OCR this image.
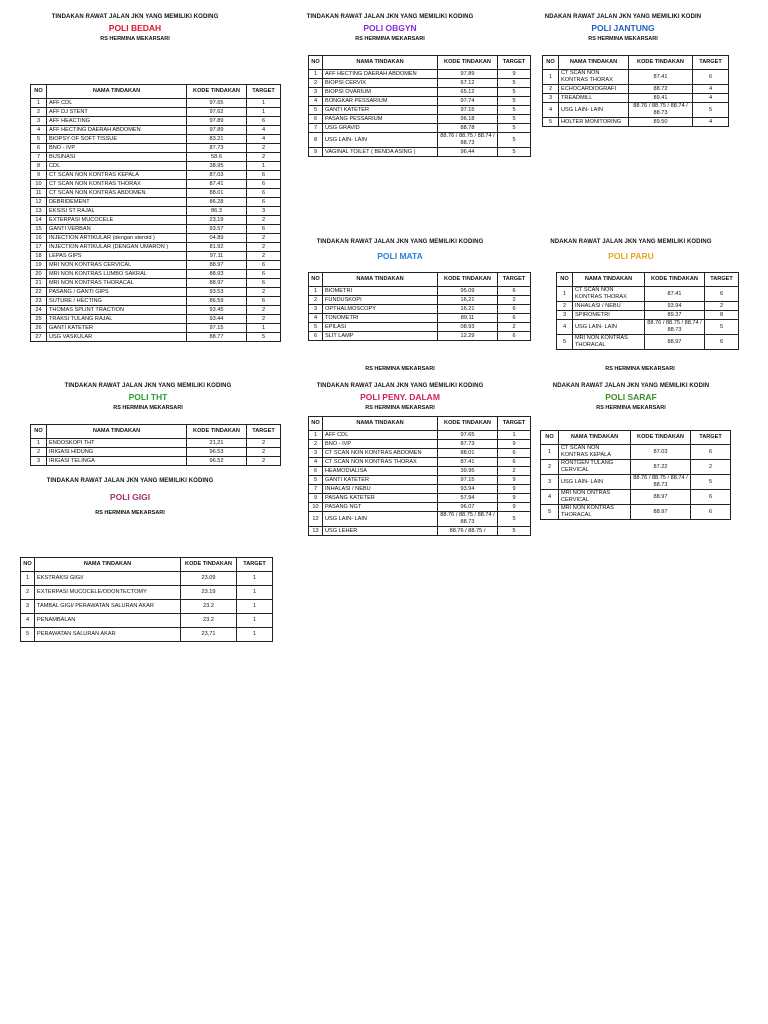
TINDAKAN RAWAT JALAN JKN YANG MEMILIKI KODING
POLI BEDAH
RS HERMINA MEKARSARI
NO	NAMA TINDAKAN	KODE TINDAKAN	TARGET
1	AFF CDL	97.65	1
2	AFF DJ STENT	97.62	1
3	AFF HEACTING	97.89	6
4	AFF HECTING DAERAH ABDOMEN	97.89	4
5	BIOPSY OF SOFT TISSUE	83.21	4
6	BNO - IVP	87.73	2
7	BUSINASI	58.6	2
8	CDL	38.95	1
9	CT SCAN NON KONTRAS KEPALA	87.03	6
10	CT SCAN NON KONTRAS THORAX	87.41	6
11	CT SCAN NON KONTRAS ABDOMEN	88.01	6
12	DEBRIDEMENT	86.28	6
13	EKSISI ST RAJAL	86.3	3
14	EXTERPASI MUCOCELE	23.19	2
15	GANTI VERBAN	93.57	6
16	INJECTION ARTIKULAR (dengan steroid )	04.89	2
17	INJECTION ARTIKULAR (DENGAN UMARON )	81.92	2
18	LEPAS GIPS	97.11	2
19	MRI NON KONTRAS CERVICAL	88.97	6
20	MRI NON KONTRAS LUMBO SAKRAL	88.93	6
21	MRI NON KONTRAS THORACAL	88.97	6
22	PASANG / GANTI GIPS	93.53	2
23	SUTURE / HECTING	86.59	6
24	THOMAS SPLINT TRACTION	93.45	2
25	TRAKSI TULANG RAJAL	93.44	2
26	GANTI KATETER	97.15	1
27	USG VASKULAR	88.77	5
TINDAKAN RAWAT JALAN JKN YANG MEMILIKI KODING
POLI OBGYN
RS HERMINA MEKARSARI
NO	NAMA TINDAKAN	KODE TINDAKAN	TARGET
1	AFF HECTING DAERAH ABDOMEN	97.89	9
2	BIOPSI CERVIX	67.12	5
3	BIOPSI OVARIUM	65.12	5
4	BONGKAR PESSARIUM	97.74	5
5	GANTI KATETER	97.15	5
6	PASANG PESSARIUM	96.18	5
7	USG GRAVID	88.78	5
8	USG LAIN- LAIN	88.76 / 88.75 / 88.74 / 88.73	5
9	VAGINAL TOILET ( BENDA ASING )	96,44	5
NDAKAN RAWAT JALAN JKN YANG MEMILIKI KODIN
POLI JANTUNG
RS HERMINA MEKARSARI
NO	NAMA TINDAKAN	KODE TINDAKAN	TARGET
1	CT SCAN NON KONTRAS THORAX	87.41	6
2	ECHOCARDIOGRAFI	88.72	4
3	TREADMILL	89.41	4
4	USG LAIN- LAIN	88.76 / 88.75 / 88.74 / 88.73	5
5	HOLTER MONITORING	89.50	4
TINDAKAN RAWAT JALAN JKN YANG MEMILIKI KODING
POLI MATA
NO	NAMA TINDAKAN	KODE TINDAKAN	TARGET
1	BIOMETRI	95.09	6
2	FUNDUSKOPI	16,21	2
3	OPTHALMOSCOPY	16.21	6
4	TONOMETRI	89.11	6
5	EPILASI	08.93	2
6	SLIT LAMP	12.29	6
NDAKAN RAWAT JALAN JKN YANG MEMILIKI KODING
POLI PARU
NO	NAMA TINDAKAN	KODE TINDAKAN	TARGET
1	CT SCAN NON KONTRAS THORAX	87.41	6
2	INHALASI / NEBU	93.94	2
3	SPIROMETRI	89.37	8
4	USG LAIN- LAIN	88.76 / 88.75 / 88.74 / 88.73	5
5	MRI NON KONTRAS THORACAL	88.97	6
RS HERMINA MEKARSARI	RS HERMINA MEKARSARI
TINDAKAN RAWAT JALAN JKN YANG MEMILIKI KODING
POLI THT
RS HERMINA MEKARSARI
NO	NAMA TINDAKAN	KODE TINDAKAN	TARGET
1	ENDOSKOPI THT	21,21	2
2	IRIGASI HIDUNG	96.53	2
3	IRIGASI TELINGA	96.52	2
TINDAKAN RAWAT JALAN JKN YANG MEMILIKI KODING
POLI GIGI
RS HERMINA MEKARSARI
NO	NAMA TINDAKAN	KODE TINDAKAN	TARGET
1	EKSTRAKSI GIGI/	23.09	1
2	EXTERPASI MUCOCELE/ODONTECTOMY	23.19	1
3	TAMBAL GIGI/ PERAWATAN SALURAN AKAR	23.2	1
4	PENAMBALAN	23.2	1
5	PERAWATAN SALURAN AKAR	23,71	1
TINDAKAN RAWAT JALAN JKN YANG MEMILIKI KODING
POLI PENY. DALAM
RS HERMINA MEKARSARI
NO	NAMA TINDAKAN	KODE TINDAKAN	TARGET
1	AFF CDL	97.65	1
2	BNO - IVP	87.73	9
3	CT SCAN NON KONTRAS ABDOMEN	88.01	6
4	CT SCAN NON KONTRAS THORAX	87.41	6
6	HEAMODIALISA	39.95	2
5	GANTI KATETER	97.15	9
7	INHALASI / NEBU	93.94	9
9	PASANG KATETER	57.94	9
10	PASANG NGT	96.07	9
12	USG LAIN- LAIN	88.76 / 88.75 / 88.74 / 88.73	5
13	USG LEHER	88.76 / 88.75 /	5
NDAKAN RAWAT JALAN JKN YANG MEMILIKI KODIN
POLI SARAF
RS HERMINA MEKARSARI
NO	NAMA TINDAKAN	KODE TINDAKAN	TARGET
1	CT SCAN NON KONTRAS KEPALA	87.03	6
2	RONTGEN TULANG CERVICAL	87.22	2
3	USG LAIN- LAIN	88.76 / 88.75 / 88.74 / 88.73	5
4	MRI NON ONTRAS CERVICAL	88.97	6
5	MRI NON KONTRAS THORACAL	88.97	6
